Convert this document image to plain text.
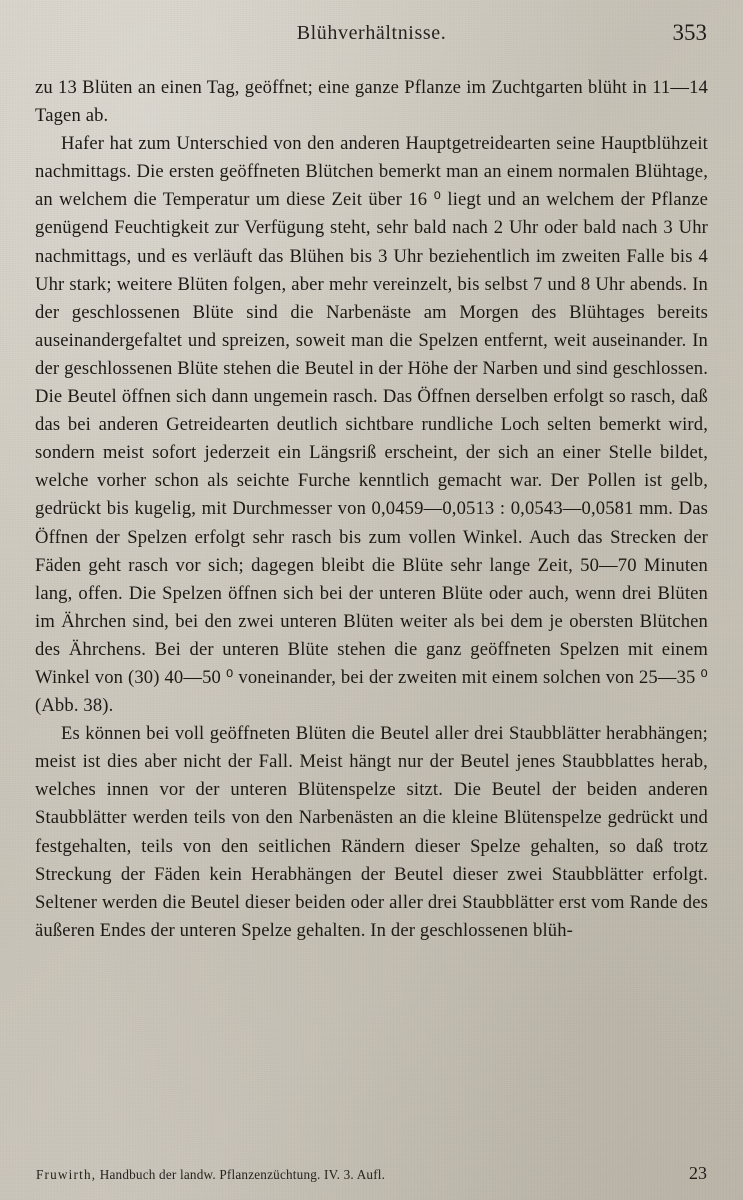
Blühverhältnisse.	353

zu 13 Blüten an einen Tag, geöffnet; eine ganze Pflanze im Zuchtgarten blüht in 11—14 Tagen ab.

Hafer hat zum Unterschied von den anderen Hauptgetreidearten seine Hauptblühzeit nachmittags. Die ersten geöffneten Blütchen bemerkt man an einem normalen Blühtage, an welchem die Temperatur um diese Zeit über 16 ⁰ liegt und an welchem der Pflanze genügend Feuchtigkeit zur Verfügung steht, sehr bald nach 2 Uhr oder bald nach 3 Uhr nachmittags, und es verläuft das Blühen bis 3 Uhr beziehentlich im zweiten Falle bis 4 Uhr stark; weitere Blüten folgen, aber mehr vereinzelt, bis selbst 7 und 8 Uhr abends. In der geschlossenen Blüte sind die Narbenäste am Morgen des Blühtages bereits auseinandergefaltet und spreizen, soweit man die Spelzen entfernt, weit auseinander. In der geschlossenen Blüte stehen die Beutel in der Höhe der Narben und sind geschlossen. Die Beutel öffnen sich dann ungemein rasch. Das Öffnen derselben erfolgt so rasch, daß das bei anderen Getreidearten deutlich sichtbare rundliche Loch selten bemerkt wird, sondern meist sofort jederzeit ein Längsriß erscheint, der sich an einer Stelle bildet, welche vorher schon als seichte Furche kenntlich gemacht war. Der Pollen ist gelb, gedrückt bis kugelig, mit Durchmesser von 0,0459—0,0513 : 0,0543—0,0581 mm. Das Öffnen der Spelzen erfolgt sehr rasch bis zum vollen Winkel. Auch das Strecken der Fäden geht rasch vor sich; dagegen bleibt die Blüte sehr lange Zeit, 50—70 Minuten lang, offen. Die Spelzen öffnen sich bei der unteren Blüte oder auch, wenn drei Blüten im Ährchen sind, bei den zwei unteren Blüten weiter als bei dem je obersten Blütchen des Ährchens. Bei der unteren Blüte stehen die ganz geöffneten Spelzen mit einem Winkel von (30) 40—50 ⁰ voneinander, bei der zweiten mit einem solchen von 25—35 ⁰ (Abb. 38).

Es können bei voll geöffneten Blüten die Beutel aller drei Staubblätter herabhängen; meist ist dies aber nicht der Fall. Meist hängt nur der Beutel jenes Staubblattes herab, welches innen vor der unteren Blütenspelze sitzt. Die Beutel der beiden anderen Staubblätter werden teils von den Narbenästen an die kleine Blütenspelze gedrückt und festgehalten, teils von den seitlichen Rändern dieser Spelze gehalten, so daß trotz Streckung der Fäden kein Herabhängen der Beutel dieser zwei Staubblätter erfolgt. Seltener werden die Beutel dieser beiden oder aller drei Staubblätter erst vom Rande des äußeren Endes der unteren Spelze gehalten. In der geschlossenen blüh-

Fruwirth, Handbuch der landw. Pflanzenzüchtung. IV. 3. Aufl.	23
